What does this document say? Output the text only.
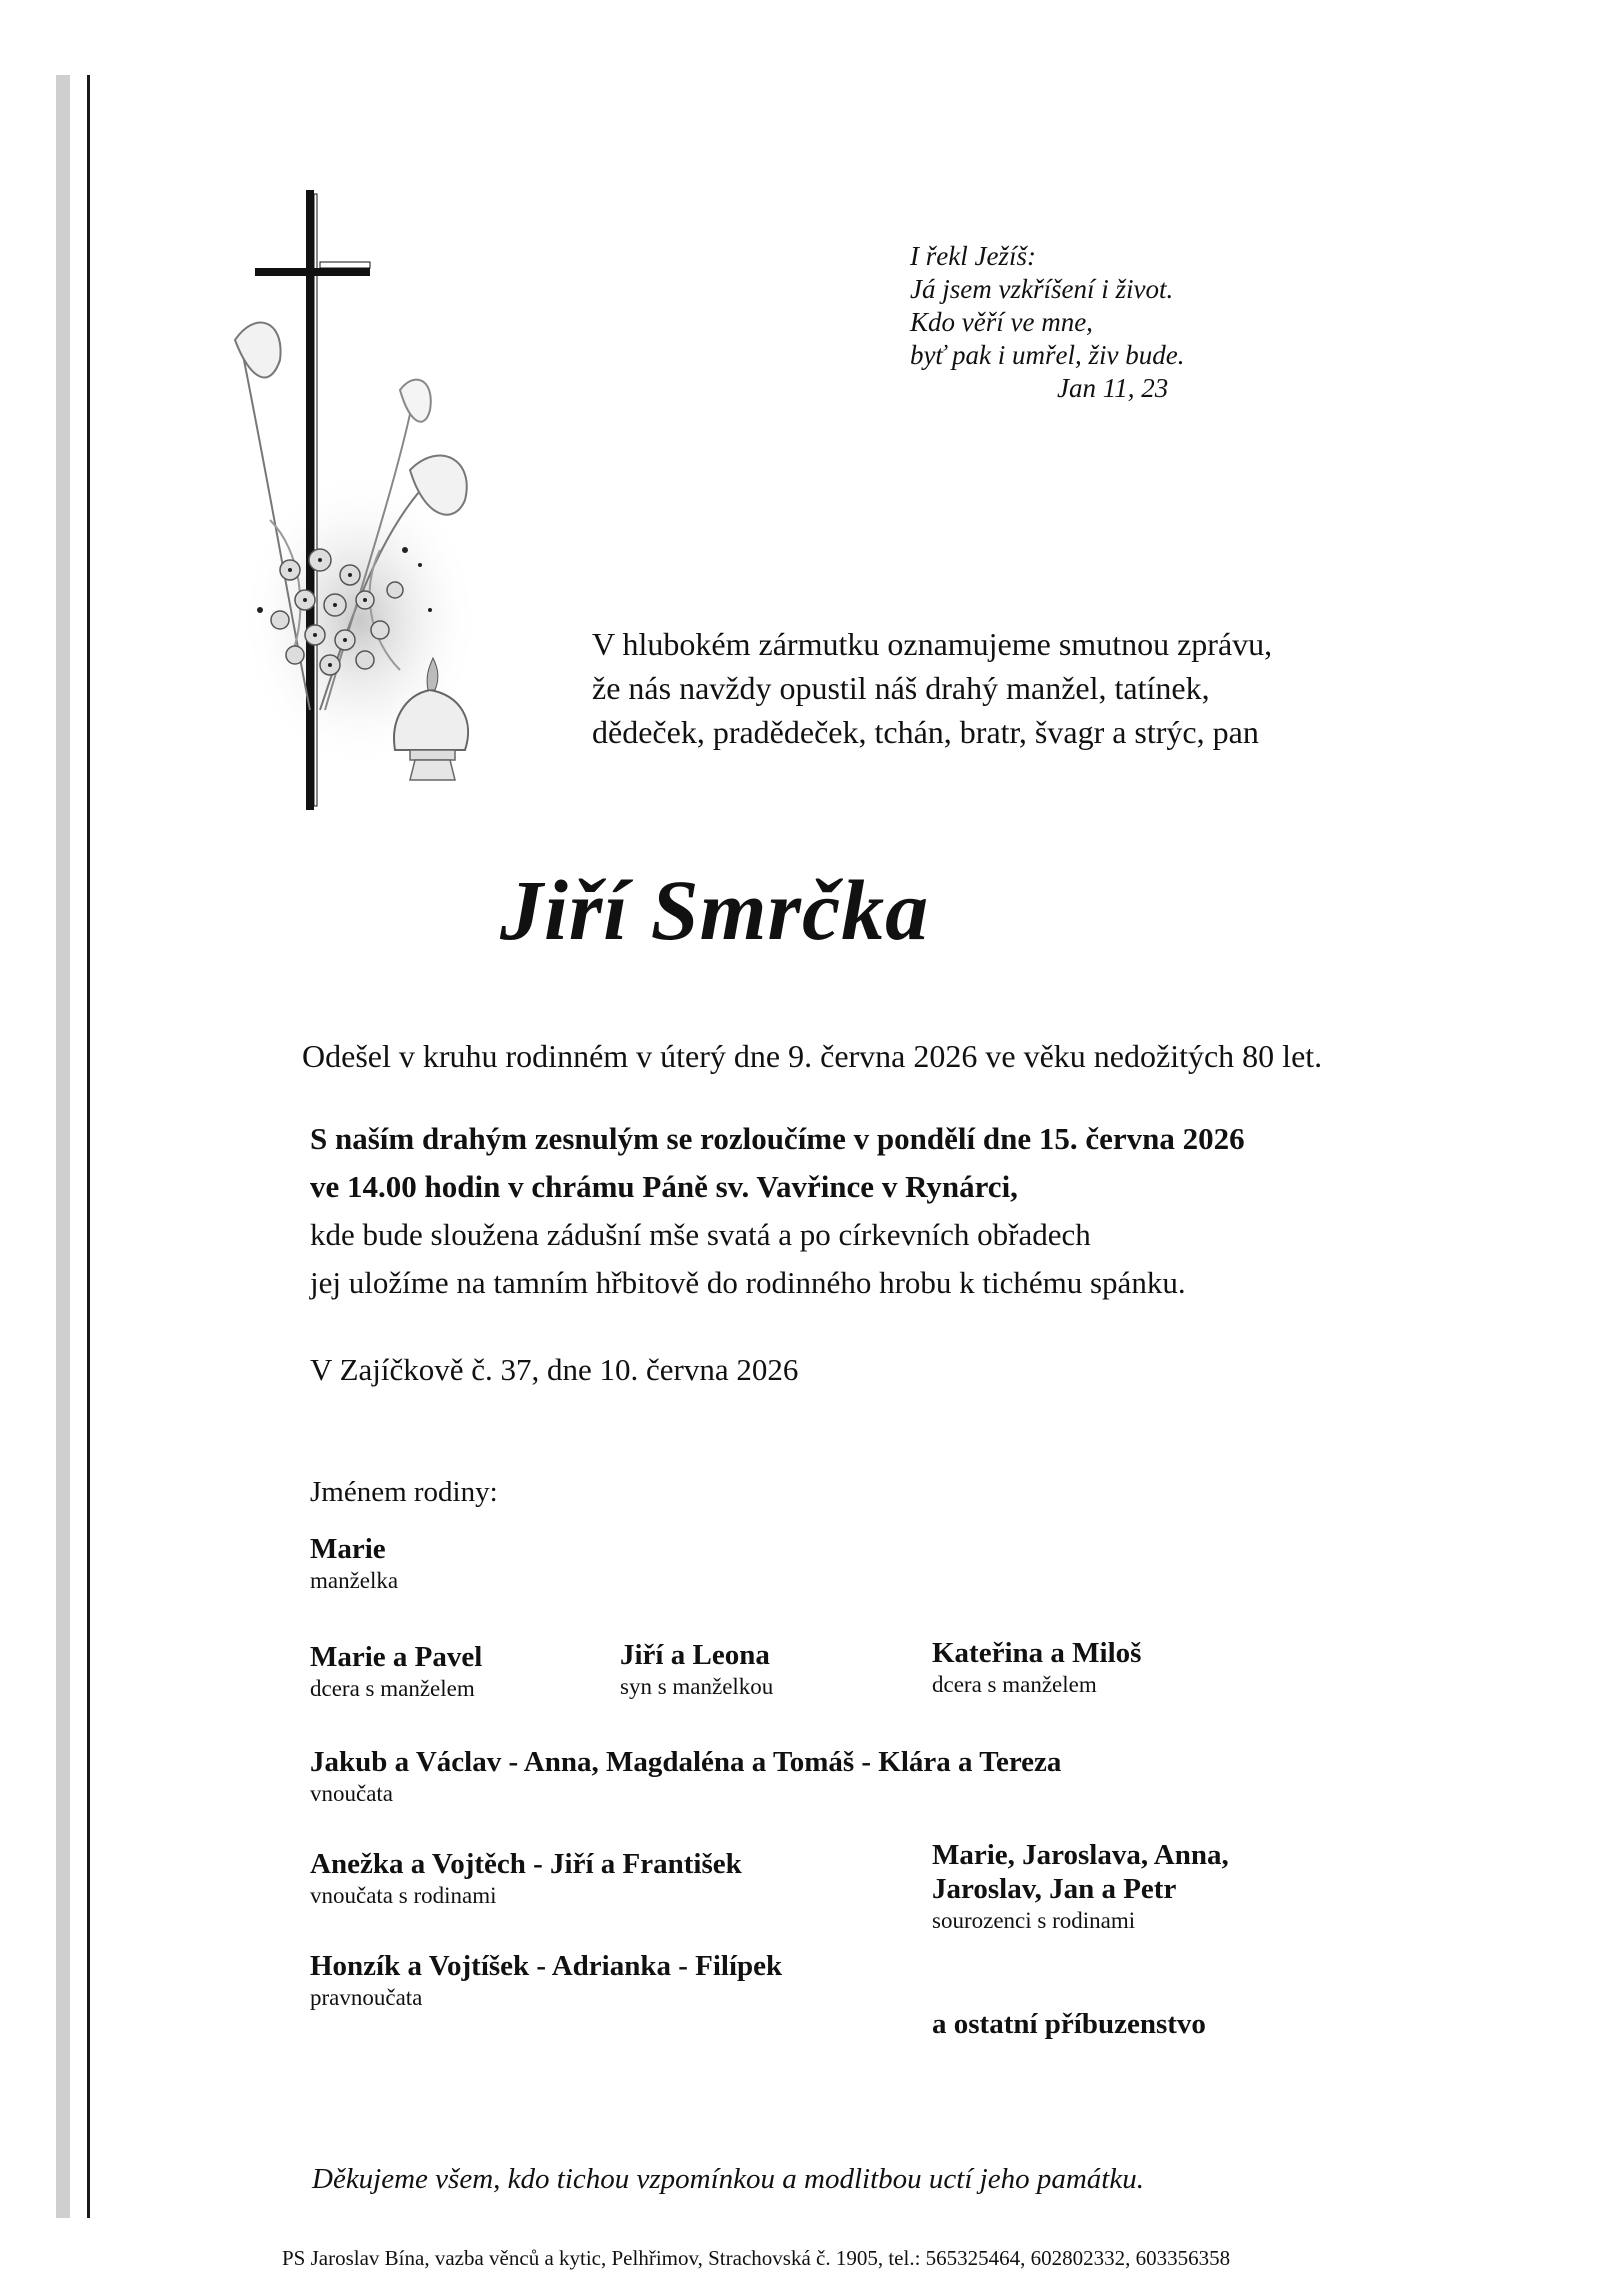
I řekl Ježíš:
Já jsem vzkříšení i život.
Kdo věří ve mne,
byť pak i umřel, živ bude.
Jan 11, 23
V hlubokém zármutku oznamujeme smutnou zprávu,
že nás navždy opustil náš drahý manžel, tatínek,
dědeček, pradědeček, tchán, bratr, švagr a strýc, pan
Jiří Smrčka
Odešel v kruhu rodinném v úterý dne 9. června 2026 ve věku nedožitých 80 let.
S naším drahým zesnulým se rozloučíme v pondělí dne 15. června 2026
ve 14.00 hodin v chrámu Páně sv. Vavřince v Rynárci,
kde bude sloužena zádušní mše svatá a po církevních obřadech
jej uložíme na tamním hřbitově do rodinného hrobu k tichému spánku.
V Zajíčkově č. 37, dne 10. června 2026
Jménem rodiny:
Marie
manželka
Marie a Pavel
dcera s manželem
Jiří a Leona
syn s manželkou
Kateřina a Miloš
dcera s manželem
Jakub a Václav - Anna, Magdaléna a Tomáš - Klára a Tereza
vnoučata
Anežka a Vojtěch - Jiří a František
vnoučata s rodinami
Honzík a Vojtíšek - Adrianka - Filípek
pravnoučata
Marie, Jaroslava, Anna,
Jaroslav, Jan a Petr
sourozenci s rodinami
a ostatní příbuzenstvo
Děkujeme všem, kdo tichou vzpomínkou a modlitbou uctí jeho památku.
PS Jaroslav Bína, vazba věnců a kytic, Pelhřimov, Strachovská č. 1905, tel.: 565325464, 602802332, 603356358
